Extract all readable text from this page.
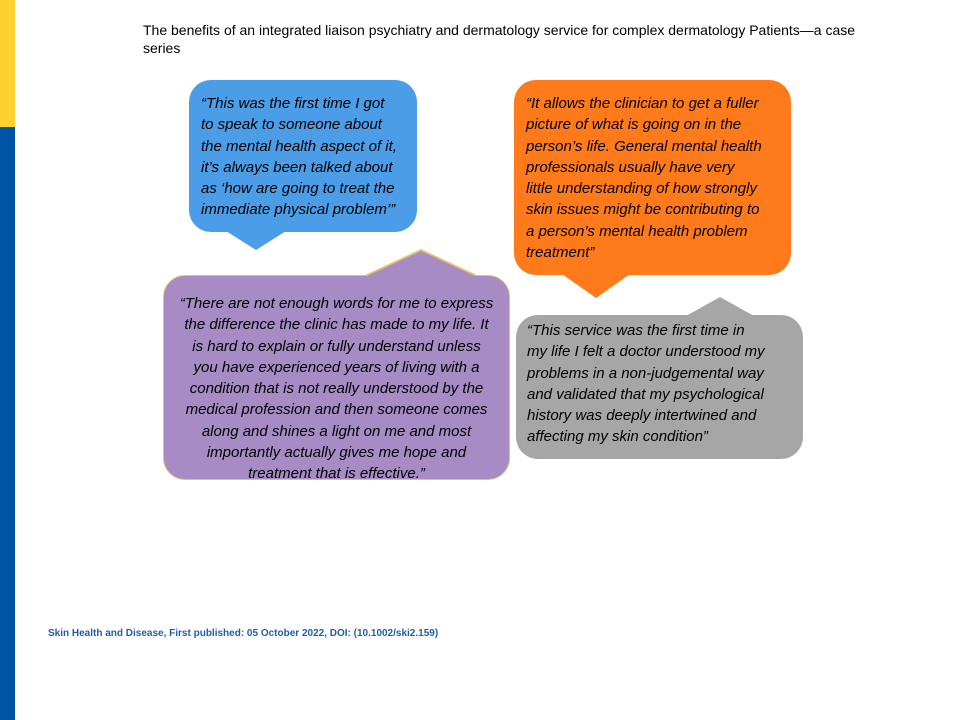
The benefits of an integrated liaison psychiatry and dermatology service for complex dermatology Patients—a case series

“This was the first time I got

to speak to someone about

the mental health aspect of it,

it’s always been talked about

as ‘how are going to treat the

immediate physical problem’”

“It allows the clinician to get a fuller

picture of what is going on in the

person’s life. General mental health

professionals usually have very

little understanding of how strongly

skin issues might be contributing to

a person’s mental health problem

treatment”

“There are not enough words for me to express

the difference the clinic has made to my life. It

is hard to explain or fully understand unless

you have experienced years of living with a

condition that is not really understood by the

medical profession and then someone comes

along and shines a light on me and most

importantly actually gives me hope and

treatment that is effective.”

“This service was the first time in

my life I felt a doctor understood my

problems in a non-judgemental way

and validated that my psychological

history was deeply intertwined and

affecting my skin condition”

Skin Health and Disease, First published: 05 October 2022, DOI: (10.1002/ski2.159)
